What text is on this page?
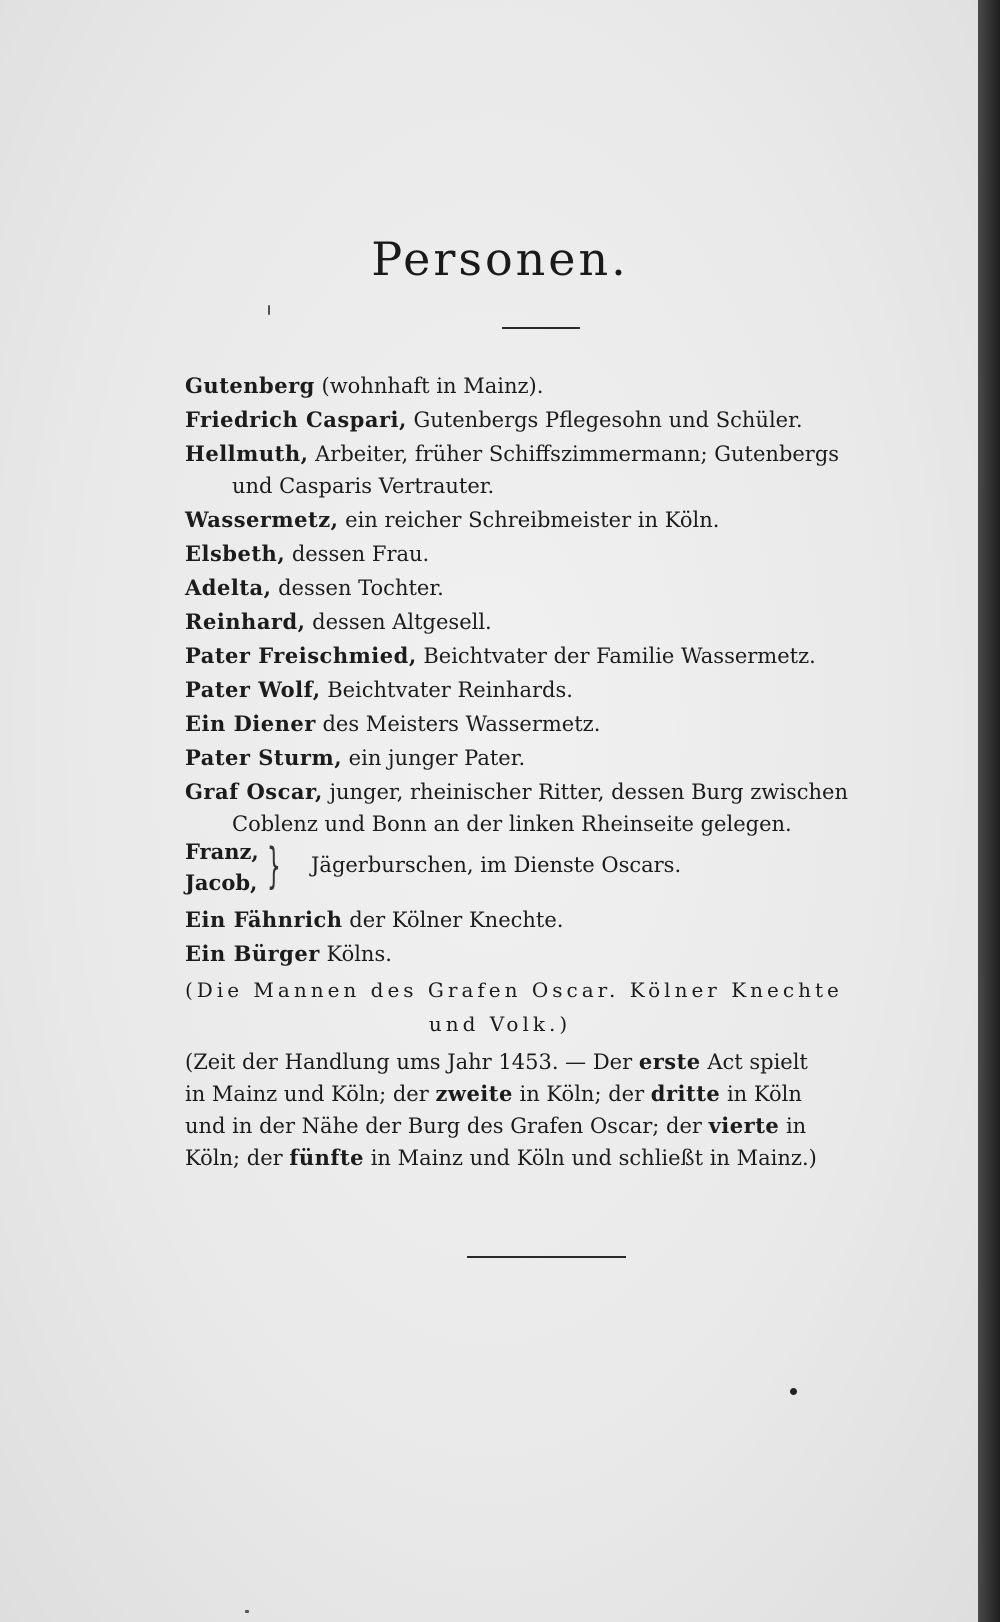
Personen.
Gutenberg (wohnhaft in Mainz).
Friedrich Caspari, Gutenbergs Pflegesohn und Schüler.
Hellmuth, Arbeiter, früher Schiffszimmermann; Gutenbergs
und Casparis Vertrauter.
Wassermetz, ein reicher Schreibmeister in Köln.
Elsbeth, dessen Frau.
Adelta, dessen Tochter.
Reinhard, dessen Altgesell.
Pater Freischmied, Beichtvater der Familie Wassermetz.
Pater Wolf, Beichtvater Reinhards.
Ein Diener des Meisters Wassermetz.
Pater Sturm, ein junger Pater.
Graf Oscar, junger, rheinischer Ritter, dessen Burg zwischen
Coblenz und Bonn an der linken Rheinseite gelegen.
Franz,
Jacob, } Jägerburschen, im Dienste Oscars.
Ein Fähnrich der Kölner Knechte.
Ein Bürger Kölns.
(Die Mannen des Grafen Oscar. Kölner Knechte
und Volk.)
(Zeit der Handlung ums Jahr 1453. — Der erste Act spielt
in Mainz und Köln; der zweite in Köln; der dritte in Köln
und in der Nähe der Burg des Grafen Oscar; der vierte in
Köln; der fünfte in Mainz und Köln und schließt in Mainz.)
